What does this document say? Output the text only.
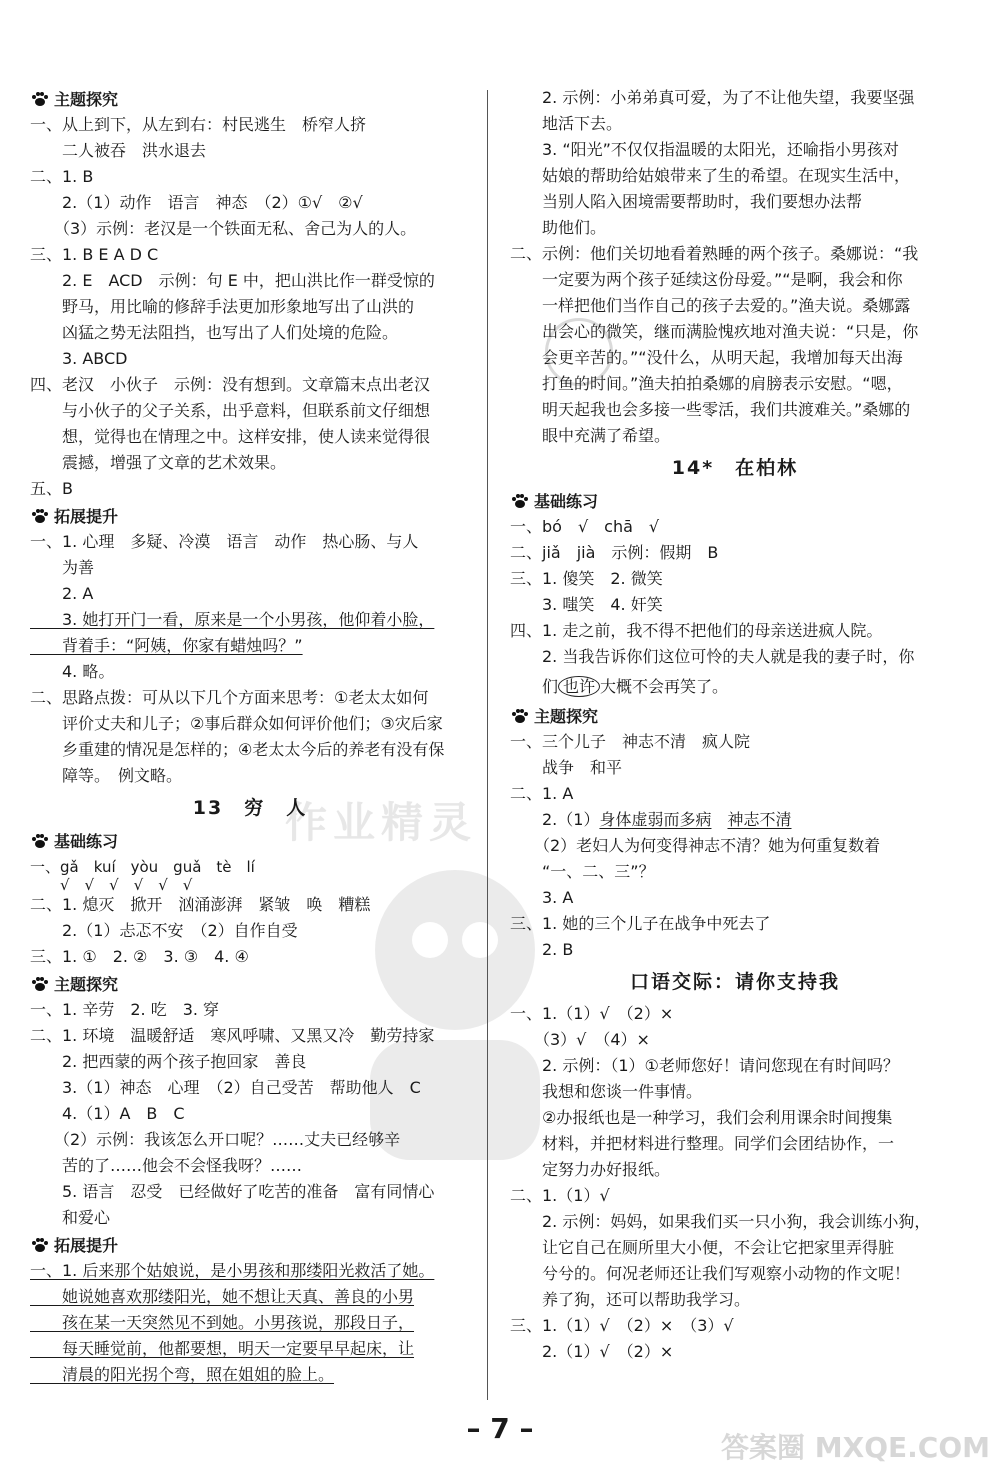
作业精灵
主题探究
一、从上到下，从左到右：村民逃生　桥窄人挤
　　二人被吞　洪水退去
二、1. B
　　2.（1）动作　语言　神态　（2）①√　②√
　　（3）示例：老汉是一个铁面无私、舍己为人的人。
三、1. B E A D C
　　2. E　ACD　示例：句 E 中，把山洪比作一群受惊的
　　野马，用比喻的修辞手法更加形象地写出了山洪的
　　凶猛之势无法阻挡，也写出了人们处境的危险。
　　3. ABCD
四、老汉　小伙子　示例：没有想到。文章篇末点出老汉
　　与小伙子的父子关系，出乎意料，但联系前文仔细想
　　想，觉得也在情理之中。这样安排，使人读来觉得很
　　震撼，增强了文章的艺术效果。
五、B
拓展提升
一、1. 心理　多疑、冷漠　语言　动作　热心肠、与人
　　为善
　　2. A
　　3. 她打开门一看，原来是一个小男孩，他仰着小脸，
　　背着手：“阿姨，你家有蜡烛吗？”
　　4. 略。
二、思路点拨：可从以下几个方面来思考：①老太太如何
　　评价丈夫和儿子；②事后群众如何评价他们；③灾后家
　　乡重建的情况是怎样的；④老太太今后的养老有没有保
　　障等。　例文略。
13　穷　人
基础练习
一、gǎ　kuí　yòu　guǎ　tè　lí
　　√　√　√　√　√　√
二、1. 熄灭　掀开　汹涌澎湃　紧皱　唤　糟糕
　　2.（1）忐忑不安　（2）自作自受
三、1. ①　2. ②　3. ③　4. ④
主题探究
一、1. 辛劳　2. 吃　3. 穿
二、1. 环境　温暖舒适　寒风呼啸、又黑又冷　勤劳持家
　　2. 把西蒙的两个孩子抱回家　善良
　　3.（1）神态　心理　（2）自己受苦　帮助他人　C
　　4.（1）A　B　C
　　（2）示例：我该怎么开口呢？……丈夫已经够辛
　　苦的了……他会不会怪我呀？……
　　5. 语言　忍受　已经做好了吃苦的准备　富有同情心
　　和爱心
拓展提升
一、1. 后来那个姑娘说，是小男孩和那缕阳光救活了她。
　　她说她喜欢那缕阳光，她不想让天真、善良的小男
　　孩在某一天突然见不到她。小男孩说，那段日子，
　　每天睡觉前，他都要想，明天一定要早早起床，让
　　清晨的阳光拐个弯，照在姐姐的脸上。
　　2. 示例：小弟弟真可爱，为了不让他失望，我要坚强
　　地活下去。
　　3. “阳光”不仅仅指温暖的太阳光，还喻指小男孩对
　　姑娘的帮助给姑娘带来了生的希望。在现实生活中，
　　当别人陷入困境需要帮助时，我们要想办法帮
　　助他们。
二、示例：他们关切地看着熟睡的两个孩子。桑娜说：“我
　　一定要为两个孩子延续这份母爱。”“是啊，我会和你
　　一样把他们当作自己的孩子去爱的。”渔夫说。桑娜露
　　出会心的微笑，继而满脸愧疚地对渔夫说：“只是，你
　　会更辛苦的。”“没什么，从明天起，我增加每天出海
　　打鱼的时间。”渔夫拍拍桑娜的肩膀表示安慰。“嗯，
　　明天起我也会多接一些零活，我们共渡难关。”桑娜的
　　眼中充满了希望。
14*　在柏林
基础练习
一、bó　√　chā　√
二、jiǎ　jià　示例：假期　B
三、1. 傻笑　2. 微笑
　　3. 嗤笑　4. 奸笑
四、1. 走之前，我不得不把他们的母亲送进疯人院。
　　2. 当我告诉你们这位可怜的夫人就是我的妻子时，你
　　们 也许 大概不会再笑了。
主题探究
一、三个儿子　神志不清　疯人院
　　战争　和平
二、1. A
　　2.（1）身体虚弱而多病　 神志不清
　　（2）老妇人为何变得神志不清？她为何重复数着
　　“一、二、三”？
　　3. A
三、1. 她的三个儿子在战争中死去了
　　2. B
口语交际：请你支持我
一、1.（1）√　（2）×
　　（3）√　（4）×
　　2. 示例：（1）①老师您好！请问您现在有时间吗？
　　我想和您谈一件事情。
　　②办报纸也是一种学习，我们会利用课余时间搜集
　　材料，并把材料进行整理。同学们会团结协作，一
　　定努力办好报纸。
二、1.（1）√
　　2. 示例：妈妈，如果我们买一只小狗，我会训练小狗，
　　让它自己在厕所里大小便，不会让它把家里弄得脏
　　兮兮的。何况老师还让我们写观察小动物的作文呢！
　　养了狗，还可以帮助我学习。
三、1.（1）√　（2）×　（3）√
　　2.（1）√　（2）×
– 7 –
答案圈 MXQE.COM
